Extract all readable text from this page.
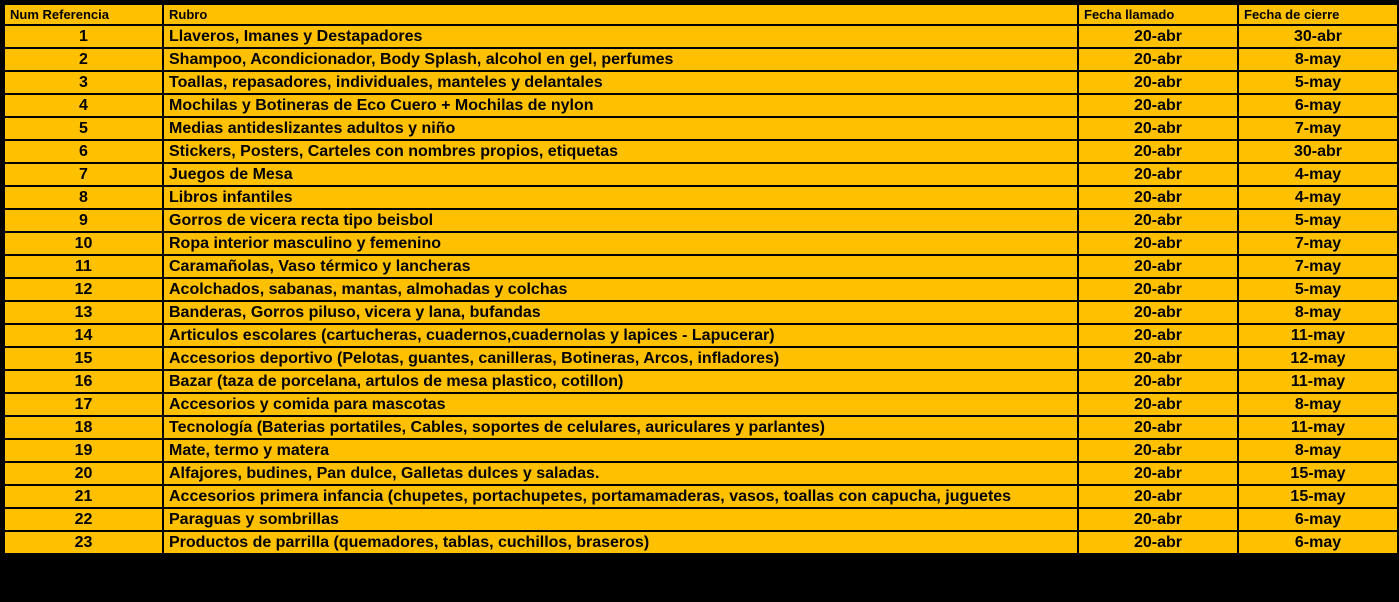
Num Referencia	Rubro	Fecha llamado	Fecha de cierre
1	Llaveros, Imanes y Destapadores	20-abr	30-abr
2	Shampoo, Acondicionador, Body Splash, alcohol en gel, perfumes	20-abr	8-may
3	Toallas, repasadores, individuales, manteles y delantales	20-abr	5-may
4	Mochilas y Botineras de Eco Cuero + Mochilas de nylon	20-abr	6-may
5	Medias antideslizantes adultos y niño	20-abr	7-may
6	Stickers, Posters, Carteles con nombres propios, etiquetas	20-abr	30-abr
7	Juegos de Mesa	20-abr	4-may
8	Libros infantiles	20-abr	4-may
9	Gorros de vicera recta tipo beisbol	20-abr	5-may
10	Ropa interior masculino y femenino	20-abr	7-may
11	Caramañolas, Vaso térmico y lancheras	20-abr	7-may
12	Acolchados, sabanas, mantas, almohadas y colchas	20-abr	5-may
13	Banderas, Gorros piluso, vicera y lana, bufandas	20-abr	8-may
14	Articulos escolares (cartucheras, cuadernos,cuadernolas y lapices - Lapucerar)	20-abr	11-may
15	Accesorios deportivo (Pelotas, guantes, canilleras, Botineras, Arcos, infladores)	20-abr	12-may
16	Bazar (taza de porcelana, artulos de mesa plastico, cotillon)	20-abr	11-may
17	Accesorios y comida para mascotas	20-abr	8-may
18	Tecnología (Baterias portatiles, Cables, soportes de celulares, auriculares y parlantes)	20-abr	11-may
19	Mate, termo y matera	20-abr	8-may
20	Alfajores, budines, Pan dulce, Galletas dulces y saladas.	20-abr	15-may
21	Accesorios primera infancia (chupetes, portachupetes, portamamaderas, vasos, toallas con capucha, juguetes	20-abr	15-may
22	Paraguas y sombrillas	20-abr	6-may
23	Productos de parrilla (quemadores, tablas, cuchillos, braseros)	20-abr	6-may
